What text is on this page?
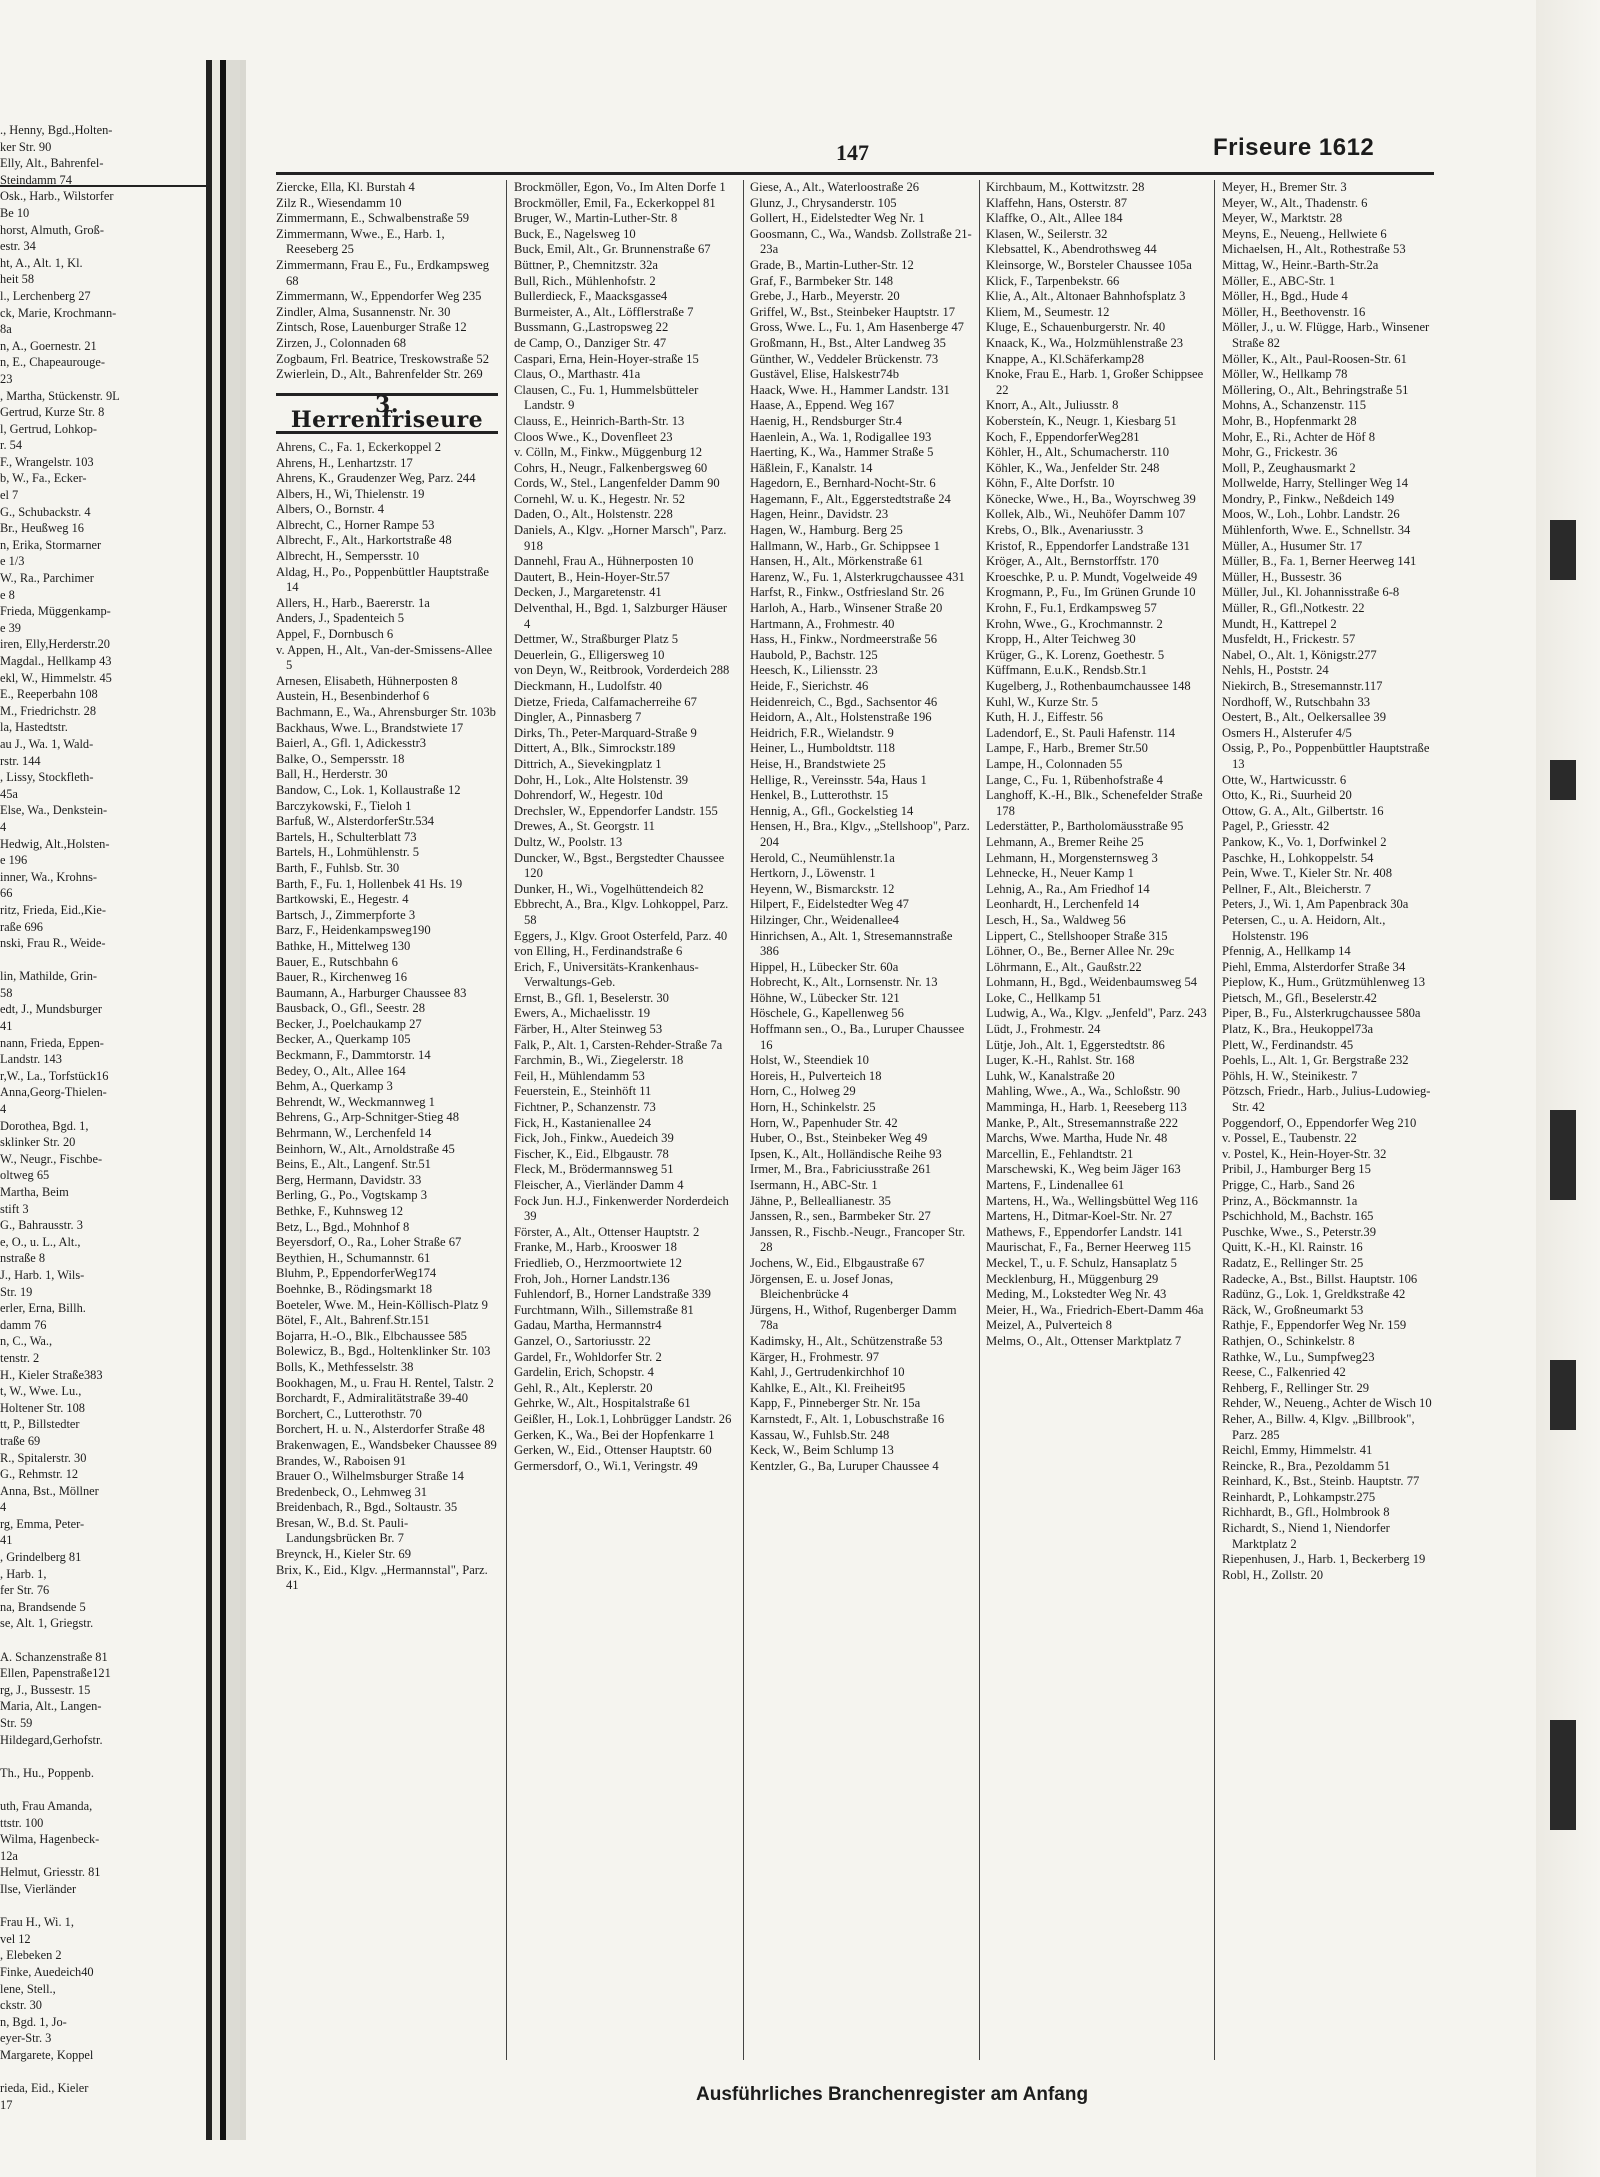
., Henny, Bgd.,Holten-
ker Str. 90
Elly, Alt., Bahrenfel-
Steindamm 74
Osk., Harb., Wilstorfer
Be 10
horst, Almuth, Groß-
estr. 34
ht, A., Alt. 1, Kl.
heit 58
l., Lerchenberg 27
ck, Marie, Krochmann-
8a
n, A., Goernestr. 21
n, E., Chapeaurouge-
23
, Martha, Stückenstr. 9L
Gertrud, Kurze Str. 8
l, Gertrud, Lohkop-
r. 54
F., Wrangelstr. 103
b, W., Fa., Ecker-
el 7
G., Schubackstr. 4
Br., Heußweg 16
n, Erika, Stormarner
e 1/3
W., Ra., Parchimer
e 8
Frieda, Müggenkamp-
e 39
iren, Elly,Herderstr.20
Magdal., Hellkamp 43
ekl, W., Himmelstr. 45
E., Reeperbahn 108
M., Friedrichstr. 28
la, Hastedtstr.
au J., Wa. 1, Wald-
rstr. 144
, Lissy, Stockfleth-
45a
Else, Wa., Denkstein-
4
Hedwig, Alt.,Holsten-
e 196
inner, Wa., Krohns-
66
ritz, Frieda, Eid.,Kie-
raße 696
nski, Frau R., Weide-
lin, Mathilde, Grin-
58
edt, J., Mundsburger
41
nann, Frieda, Eppen-
Landstr. 143
r,W., La., Torfstück16
Anna,Georg-Thielen-
4
Dorothea, Bgd. 1,
sklinker Str. 20
W., Neugr., Fischbe-
oltweg 65
Martha, Beim
stift 3
G., Bahrausstr. 3
e, O., u. L., Alt.,
nstraße 8
J., Harb. 1, Wils-
Str. 19
erler, Erna, Billh.
damm 76
n, C., Wa.,
tenstr. 2
H., Kieler Straße383
t, W., Wwe. Lu.,
Holtener Str. 108
tt, P., Billstedter
traße 69
R., Spitalerstr. 30
G., Rehmstr. 12
Anna, Bst., Möllner
4
rg, Emma, Peter-
41
, Grindelberg 81
, Harb. 1,
fer Str. 76
na, Brandsende 5
se, Alt. 1, Griegstr.
A. Schanzenstraße 81
Ellen, Papenstraße121
rg, J., Bussestr. 15
Maria, Alt., Langen-
Str. 59
Hildegard,Gerhofstr.
Th., Hu., Poppenb.
uth, Frau Amanda,
ttstr. 100
Wilma, Hagenbeck-
12a
Helmut, Griesstr. 81
Ilse, Vierländer
Frau H., Wi. 1,
vel 12
, Elebeken 2
Finke, Auedeich40
lene, Stell.,
ckstr. 30
n, Bgd. 1, Jo-
eyer-Str. 3
Margarete, Koppel
rieda, Eid., Kieler
17
147	Friseure 1612
Ziercke, Ella, Kl. Burstah 4
Zilz R., Wiesendamm 10
Zimmermann, E., Schwalbenstraße 59
Zimmermann, Wwe., E., Harb. 1, Reeseberg 25
Zimmermann, Frau E., Fu., Erdkampsweg 68
Zimmermann, W., Eppendorfer Weg 235
Zindler, Alma, Susannenstr. Nr. 30
Zintsch, Rose, Lauenburger Straße 12
Zirzen, J., Colonnaden 68
Zogbaum, Frl. Beatrice, Treskowstraße 52
Zwierlein, D., Alt., Bahrenfelder Str. 269
3. Herrenfriseure
Ahrens, C., Fa. 1, Eckerkoppel 2
Ahrens, H., Lenhartzstr. 17
Ahrens, K., Graudenzer Weg, Parz. 244
Albers, H., Wi, Thielenstr. 19
Albers, O., Bornstr. 4
Albrecht, C., Horner Rampe 53
Albrecht, F., Alt., Harkortstraße 48
Albrecht, H., Sempersstr. 10
Aldag, H., Po., Poppenbüttler Hauptstraße 14
Allers, H., Harb., Baererstr. 1a
Anders, J., Spadenteich 5
Appel, F., Dornbusch 6
v. Appen, H., Alt., Van-der-Smissens-Allee 5
Arnesen, Elisabeth, Hühnerposten 8
Austein, H., Besenbinderhof 6
Bachmann, E., Wa., Ahrensburger Str. 103b
Backhaus, Wwe. L., Brandstwiete 17
Baierl, A., Gfl. 1, Adickesstr3
Balke, O., Sempersstr. 18
Ball, H., Herderstr. 30
Bandow, C., Lok. 1, Kollaustraße 12
Barczykowski, F., Tieloh 1
Barfuß, W., AlsterdorferStr.534
Bartels, H., Schulterblatt 73
Bartels, H., Lohmühlenstr. 5
Barth, F., Fuhlsb. Str. 30
Barth, F., Fu. 1, Hollenbek 41 Hs. 19
Bartkowski, E., Hegestr. 4
Bartsch, J., Zimmerpforte 3
Barz, F., Heidenkampsweg190
Bathke, H., Mittelweg 130
Bauer, E., Rutschbahn 6
Bauer, R., Kirchenweg 16
Baumann, A., Harburger Chaussee 83
Bausback, O., Gfl., Seestr. 28
Becker, J., Poelchaukamp 27
Becker, A., Querkamp 105
Beckmann, F., Dammtorstr. 14
Bedey, O., Alt., Allee 164
Behm, A., Querkamp 3
Behrendt, W., Weckmannweg 1
Behrens, G., Arp-Schnitger-Stieg 48
Behrmann, W., Lerchenfeld 14
Beinhorn, W., Alt., Arnoldstraße 45
Beins, E., Alt., Langenf. Str.51
Berg, Hermann, Davidstr. 33
Berling, G., Po., Vogtskamp 3
Bethke, F., Kuhnsweg 12
Betz, L., Bgd., Mohnhof 8
Beyersdorf, O., Ra., Loher Straße 67
Beythien, H., Schumannstr. 61
Bluhm, P., EppendorferWeg174
Boehnke, B., Rödingsmarkt 18
Boeteler, Wwe. M., Hein-Köllisch-Platz 9
Bötel, F., Alt., Bahrenf.Str.151
Bojarra, H.-O., Blk., Elbchaussee 585
Bolewicz, B., Bgd., Holtenklinker Str. 103
Bolls, K., Methfesselstr. 38
Bookhagen, M., u. Frau H. Rentel, Talstr. 2
Borchardt, F., Admiralitätstraße 39-40
Borchert, C., Lutterothstr. 70
Borchert, H. u. N., Alsterdorfer Straße 48
Brakenwagen, E., Wandsbeker Chaussee 89
Brandes, W., Raboisen 91
Brauer O., Wilhelmsburger Straße 14
Bredenbeck, O., Lehmweg 31
Breidenbach, R., Bgd., Soltaustr. 35
Bresan, W., B.d. St. Pauli-Landungsbrücken Br. 7
Breynck, H., Kieler Str. 69
Brix, K., Eid., Klgv. „Hermannstal", Parz. 41
Brockmöller, Egon, Vo., Im Alten Dorfe 1
Brockmöller, Emil, Fa., Eckerkoppel 81
Bruger, W., Martin-Luther-Str. 8
Buck, E., Nagelsweg 10
Buck, Emil, Alt., Gr. Brunnenstraße 67
Büttner, P., Chemnitzstr. 32a
Bull, Rich., Mühlenhofstr. 2
Bullerdieck, F., Maacksgasse4
Burmeister, A., Alt., Löfflerstraße 7
Bussmann, G.,Lastropsweg 22
de Camp, O., Danziger Str. 47
Caspari, Erna, Hein-Hoyer-straße 15
Claus, O., Marthastr. 41a
Clausen, C., Fu. 1, Hummelsbütteler Landstr. 9
Clauss, E., Heinrich-Barth-Str. 13
Cloos Wwe., K., Dovenfleet 23
v. Cölln, M., Finkw., Müggenburg 12
Cohrs, H., Neugr., Falkenbergsweg 60
Cords, W., Stel., Langenfelder Damm 90
Cornehl, W. u. K., Hegestr. Nr. 52
Daden, O., Alt., Holstenstr. 228
Daniels, A., Klgv. „Horner Marsch", Parz. 918
Dannehl, Frau A., Hühnerposten 10
Dautert, B., Hein-Hoyer-Str.57
Decken, J., Margaretenstr. 41
Delventhal, H., Bgd. 1, Salzburger Häuser 4
Dettmer, W., Straßburger Platz 5
Deuerlein, G., Elligersweg 10
von Deyn, W., Reitbrook, Vorderdeich 288
Dieckmann, H., Ludolfstr. 40
Dietze, Frieda, Calfamacherreihe 67
Dingler, A., Pinnasberg 7
Dirks, Th., Peter-Marquard-Straße 9
Dittert, A., Blk., Simrockstr.189
Dittrich, A., Sievekingplatz 1
Dohr, H., Lok., Alte Holstenstr. 39
Dohrendorf, W., Hegestr. 10d
Drechsler, W., Eppendorfer Landstr. 155
Drewes, A., St. Georgstr. 11
Dultz, W., Poolstr. 13
Duncker, W., Bgst., Bergstedter Chaussee 120
Dunker, H., Wi., Vogelhüttendeich 82
Ebbrecht, A., Bra., Klgv. Lohkoppel, Parz. 58
Eggers, J., Klgv. Groot Osterfeld, Parz. 40
von Elling, H., Ferdinandstraße 6
Erich, F., Universitäts-Krankenhaus-Verwaltungs-Geb.
Ernst, B., Gfl. 1, Beselerstr. 30
Ewers, A., Michaelisstr. 19
Färber, H., Alter Steinweg 53
Falk, P., Alt. 1, Carsten-Rehder-Straße 7a
Farchmin, B., Wi., Ziegelerstr. 18
Feil, H., Mühlendamm 53
Feuerstein, E., Steinhöft 11
Fichtner, P., Schanzenstr. 73
Fick, H., Kastanienallee 24
Fick, Joh., Finkw., Auedeich 39
Fischer, K., Eid., Elbgaustr. 78
Fleck, M., Brödermannsweg 51
Fleischer, A., Vierländer Damm 4
Fock Jun. H.J., Finkenwerder Norderdeich 39
Förster, A., Alt., Ottenser Hauptstr. 2
Franke, M., Harb., Krooswег 18
Friedlieb, O., Herzmoortwiete 12
Froh, Joh., Horner Landstr.136
Fuhlendorf, B., Horner Landstraße 339
Furchtmann, Wilh., Sillemstraße 81
Gadau, Martha, Hermannstr4
Ganzel, O., Sartoriusstr. 22
Gardel, Fr., Wohldorfer Str. 2
Gardelin, Erich, Schopstr. 4
Gehl, R., Alt., Keplerstr. 20
Gehrke, W., Alt., Hospitalstraße 61
Geißler, H., Lok.1, Lohbrügger Landstr. 26
Gerken, K., Wa., Bei der Hopfenkarre 1
Gerken, W., Eid., Ottenser Hauptstr. 60
Germersdorf, O., Wi.1, Veringstr. 49
Giese, A., Alt., Waterloostraße 26
Glunz, J., Chrysanderstr. 105
Gollert, H., Eidelstedter Weg Nr. 1
Goosmann, C., Wa., Wandsb. Zollstraße 21-23a
Grade, B., Martin-Luther-Str. 12
Graf, F., Barmbeker Str. 148
Grebe, J., Harb., Meyerstr. 20
Griffel, W., Bst., Steinbeker Hauptstr. 17
Gross, Wwe. L., Fu. 1, Am Hasenberge 47
Großmann, H., Bst., Alter Landweg 35
Günther, W., Veddeler Brückenstr. 73
Gustävel, Elise, Halskestr74b
Haack, Wwe. H., Hammer Landstr. 131
Haase, A., Eppend. Weg 167
Haenig, H., Rendsburger Str.4
Haenlein, A., Wa. 1, Rodigallee 193
Haerting, K., Wa., Hammer Straße 5
Häßlein, F., Kanalstr. 14
Hagedorn, E., Bernhard-Nocht-Str. 6
Hagemann, F., Alt., Eggerstedtstraße 24
Hagen, Heinr., Davidstr. 23
Hagen, W., Hamburg. Berg 25
Hallmann, W., Harb., Gr. Schippsee 1
Hansen, H., Alt., Mörkenstraße 61
Harenz, W., Fu. 1, Alsterkrugchaussee 431
Harfst, R., Finkw., Ostfriesland Str. 26
Harloh, A., Harb., Winsener Straße 20
Hartmann, A., Frohmestr. 40
Hass, H., Finkw., Nordmeerstraße 56
Haubold, P., Bachstr. 125
Heesch, K., Liliensstr. 23
Heide, F., Sierichstr. 46
Heidenreich, C., Bgd., Sachsentor 46
Heidorn, A., Alt., Holstenstraße 196
Heidrich, F.R., Wielandstr. 9
Heiner, L., Humboldtstr. 118
Heise, H., Brandstwiete 25
Hellige, R., Vereinsstr. 54a, Haus 1
Henkel, B., Lutterothstr. 15
Hennig, A., Gfl., Gockelstieg 14
Hensen, H., Bra., Klgv., „Stellshoop", Parz. 204
Herold, C., Neumühlenstr.1a
Hertkorn, J., Löwenstr. 1
Heyenn, W., Bismarckstr. 12
Hilpert, F., Eidelstedter Weg 47
Hilzinger, Chr., Weidenallee4
Hinrichsen, A., Alt. 1, Stresemannstraße 386
Hippel, H., Lübecker Str. 60a
Hobrecht, K., Alt., Lornsenstr. Nr. 13
Höhne, W., Lübecker Str. 121
Höschele, G., Kapellenweg 56
Hoffmann sen., O., Ba., Luruper Chaussee 16
Holst, W., Steendiek 10
Horeis, H., Pulverteich 18
Horn, C., Holweg 29
Horn, H., Schinkelstr. 25
Horn, W., Papenhuder Str. 42
Huber, O., Bst., Steinbeker Weg 49
Ipsen, K., Alt., Holländische Reihe 93
Irmer, M., Bra., Fabriciusstraße 261
Isermann, H., ABC-Str. 1
Jähne, P., Belleallianestr. 35
Janssen, R., sen., Barmbeker Str. 27
Janssen, R., Fischb.-Neugr., Francoper Str. 28
Jochens, W., Eid., Elbgaustraße 67
Jörgensen, E. u. Josef Jonas, Bleichenbrücke 4
Jürgens, H., Withof, Rugenberger Damm 78a
Kadimsky, H., Alt., Schützenstraße 53
Kärger, H., Frohmestr. 97
Kahl, J., Gertrudenkirchhof 10
Kahlke, E., Alt., Kl. Freiheit95
Kapp, F., Pinneberger Str. Nr. 15a
Karnstedt, F., Alt. 1, Lobuschstraße 16
Kassau, W., Fuhlsb.Str. 248
Keck, W., Beim Schlump 13
Kentzler, G., Ba, Luruper Chaussee 4
Kirchbaum, M., Kottwitzstr. 28
Klaffehn, Hans, Osterstr. 87
Klaffke, O., Alt., Allee 184
Klasen, W., Seilerstr. 32
Klebsattel, K., Abendrothsweg 44
Kleinsorge, W., Borsteler Chaussee 105a
Klick, F., Tarpenbekstr. 66
Klie, A., Alt., Altonaer Bahnhofsplatz 3
Kliem, M., Seumestr. 12
Kluge, E., Schauenburgerstr. Nr. 40
Knaack, K., Wa., Holzmühlenstraße 23
Knappe, A., Kl.Schäferkamp28
Knoke, Frau E., Harb. 1, Großer Schippsee 22
Knorr, A., Alt., Juliusstr. 8
Kobersteín, K., Neugr. 1, Kiesbarg 51
Koch, F., EppendorferWeg281
Köhler, H., Alt., Schumacherstr. 110
Köhler, K., Wa., Jenfelder Str. 248
Köhn, F., Alte Dorfstr. 10
Könecke, Wwe., H., Ba., Woyrschweg 39
Kollek, Alb., Wi., Neuhöfer Damm 107
Krebs, O., Blk., Avenariusstr. 3
Kristof, R., Eppendorfer Landstraße 131
Kröger, A., Alt., Bernstorffstr. 170
Kroeschke, P. u. P. Mundt, Vogelweide 49
Krogmann, P., Fu., Im Grünen Grunde 10
Krohn, F., Fu.1, Erdkampsweg 57
Krohn, Wwe., G., Krochmannstr. 2
Kropp, H., Alter Teichweg 30
Krüger, G., K. Lorenz, Goethestr. 5
Küffmann, E.u.K., Rendsb.Str.1
Kugelberg, J., Rothenbaumchaussee 148
Kuhl, W., Kurze Str. 5
Kuth, H. J., Eiffestr. 56
Ladendorf, E., St. Pauli Hafenstr. 114
Lampe, F., Harb., Bremer Str.50
Lampe, H., Colonnaden 55
Lange, C., Fu. 1, Rübenhofstraße 4
Langhoff, K.-H., Blk., Schenefelder Straße 178
Lederstätter, P., Bartholomäusstraße 95
Lehmann, A., Bremer Reihe 25
Lehmann, H., Morgensternsweg 3
Lehnecke, H., Neuer Kamp 1
Lehnig, A., Ra., Am Friedhof 14
Leonhardt, H., Lerchenfeld 14
Lesch, H., Sa., Waldweg 56
Lippert, C., Stellshooper Straße 315
Löhner, O., Be., Berner Allee Nr. 29c
Löhrmann, E., Alt., Gaußstr.22
Lohmann, H., Bgd., Weidenbaumsweg 54
Loke, C., Hellkamp 51
Ludwig, A., Wa., Klgv. „Jenfeld", Parz. 243
Lüdt, J., Frohmestr. 24
Lütje, Joh., Alt. 1, Eggerstedtstr. 86
Luger, K.-H., Rahlst. Str. 168
Luhk, W., Kanalstraße 20
Mahling, Wwe., A., Wa., Schloßstr. 90
Mamminga, H., Harb. 1, Reeseberg 113
Manke, P., Alt., Stresemannstraße 222
Marchs, Wwe. Martha, Hude Nr. 48
Marcellin, E., Fehlandtstr. 21
Marschewski, K., Weg beim Jäger 163
Martens, F., Lindenallee 61
Martens, H., Wa., Wellingsbüttel Weg 116
Martens, H., Ditmar-Koel-Str. Nr. 27
Mathews, F., Eppendorfer Landstr. 141
Maurischat, F., Fa., Berner Heerweg 115
Meckel, T., u. F. Schulz, Hansaplatz 5
Mecklenburg, H., Müggenburg 29
Meding, M., Lokstedter Weg Nr. 43
Meier, H., Wa., Friedrich-Ebert-Damm 46a
Meizel, A., Pulverteich 8
Melms, O., Alt., Ottenser Marktplatz 7
Meyer, H., Bremer Str. 3
Meyer, W., Alt., Thadenstr. 6
Meyer, W., Marktstr. 28
Meyns, E., Neueng., Hellwiete 6
Michaelsen, H., Alt., Rothestraße 53
Mittag, W., Heinr.-Barth-Str.2a
Möller, E., ABC-Str. 1
Möller, H., Bgd., Hude 4
Möller, H., Beethovenstr. 16
Möller, J., u. W. Flügge, Harb., Winsener Straße 82
Möller, K., Alt., Paul-Roosen-Str. 61
Möller, W., Hellkamp 78
Möllering, O., Alt., Behringstraße 51
Mohns, A., Schanzenstr. 115
Mohr, B., Hopfenmarkt 28
Mohr, E., Ri., Achter de Höf 8
Mohr, G., Frickestr. 36
Moll, P., Zeughausmarkt 2
Mollwelde, Harry, Stellinger Weg 14
Mondry, P., Finkw., Neßdeich 149
Moos, W., Loh., Lohbr. Landstr. 26
Mühlenforth, Wwe. E., Schnellstr. 34
Müller, A., Husumer Str. 17
Müller, B., Fa. 1, Berner Heerweg 141
Müller, H., Bussestr. 36
Müller, Jul., Kl. Johannisstraße 6-8
Müller, R., Gfl.,Notkestr. 22
Mundt, H., Kattrepel 2
Musfeldt, H., Frickestr. 57
Nabel, O., Alt. 1, Königstr.277
Nehls, H., Poststr. 24
Niekirch, B., Stresemannstr.117
Nordhoff, W., Rutschbahn 33
Oestert, B., Alt., Oelkersallee 39
Osmers H., Alsterufer 4/5
Ossig, P., Po., Poppenbüttler Hauptstraße 13
Otte, W., Hartwicusstr. 6
Otto, K., Ri., Suurheid 20
Ottow, G. A., Alt., Gilbertstr. 16
Pagel, P., Griesstr. 42
Pankow, K., Vo. 1, Dorfwinkel 2
Paschke, H., Lohkoppelstr. 54
Pein, Wwe. T., Kieler Str. Nr. 408
Pellner, F., Alt., Bleicherstr. 7
Peters, J., Wi. 1, Am Papenbrack 30a
Petersen, C., u. A. Heidorn, Alt., Holstenstr. 196
Pfennig, A., Hellkamp 14
Piehl, Emma, Alsterdorfer Straße 34
Pieplow, K., Hum., Grützmühlenweg 13
Pietsch, M., Gfl., Beselerstr.42
Piper, B., Fu., Alsterkrugchaussee 580a
Platz, K., Bra., Heukoppel73a
Plett, W., Ferdinandstr. 45
Poehls, L., Alt. 1, Gr. Bergstraße 232
Pöhls, H. W., Steinikestr. 7
Pötzsch, Friedr., Harb., Julius-Ludowieg-Str. 42
Poggendorf, O., Eppendorfer Weg 210
v. Possel, E., Taubenstr. 22
v. Postel, K., Hein-Hoyer-Str. 32
Pribil, J., Hamburger Berg 15
Prigge, C., Harb., Sand 26
Prinz, A., Böckmannstr. 1a
Pschichhold, M., Bachstr. 165
Puschke, Wwe., S., Peterstr.39
Quitt, K.-H., Kl. Rainstr. 16
Radatz, E., Rellinger Str. 25
Radecke, A., Bst., Billst. Hauptstr. 106
Radünz, G., Lok. 1, Greldkstraße 42
Räck, W., Großneumarkt 53
Rathje, F., Eppendorfer Weg Nr. 159
Rathjen, O., Schinkelstr. 8
Rathke, W., Lu., Sumpfweg23
Reese, C., Falkenried 42
Rehberg, F., Rellinger Str. 29
Rehder, W., Neueng., Achter de Wisch 10
Reher, A., Billw. 4, Klgv. „Billbrook", Parz. 285
Reichl, Emmy, Himmelstr. 41
Reincke, R., Bra., Pezoldamm 51
Reinhard, K., Bst., Steinb. Hauptstr. 77
Reinhardt, P., Lohkampstr.275
Richhardt, B., Gfl., Holmbrook 8
Richardt, S., Niend 1, Niendorfer Marktplatz 2
Riepenhusen, J., Harb. 1, Beckerberg 19
Robl, H., Zollstr. 20
Ausführliches Branchenregister am Anfang
